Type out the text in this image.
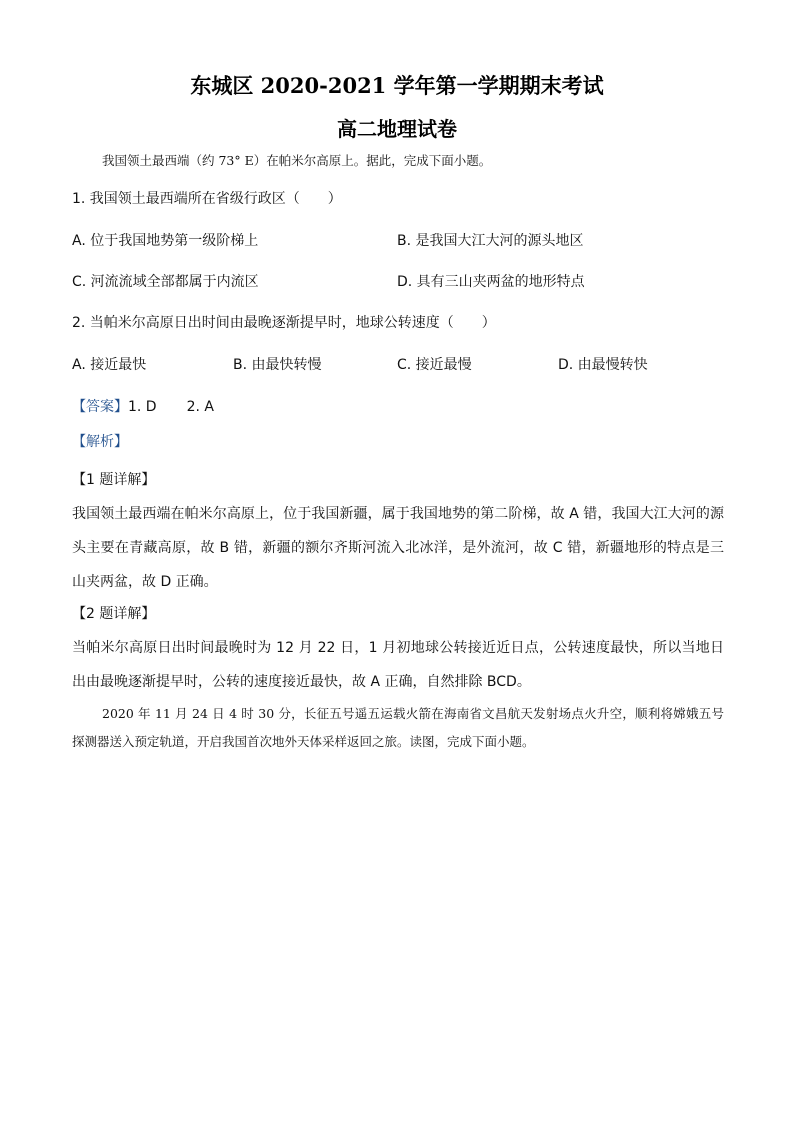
东城区 2020-2021 学年第一学期期末考试
高二地理试卷
我国领土最西端（约 73° E）在帕米尔高原上。据此，完成下面小题。
1. 我国领土最西端所在省级行政区（　　）
A. 位于我国地势第一级阶梯上	B. 是我国大江大河的源头地区
C. 河流流域全部都属于内流区	D. 具有三山夹两盆的地形特点
2. 当帕米尔高原日出时间由最晚逐渐提早时，地球公转速度（　　）
A. 接近最快	B. 由最快转慢	C. 接近最慢	D. 由最慢转快
【答案】1. D 2. A
【解析】
【1 题详解】
我国领土最西端在帕米尔高原上，位于我国新疆，属于我国地势的第二阶梯，故 A 错，我国大江大河的源头主要在青藏高原，故 B 错，新疆的额尔齐斯河流入北冰洋，是外流河，故 C 错，新疆地形的特点是三山夹两盆，故 D 正确。
【2 题详解】
当帕米尔高原日出时间最晚时为 12 月 22 日，1 月初地球公转接近近日点，公转速度最快，所以当地日出由最晚逐渐提早时，公转的速度接近最快，故 A 正确，自然排除 BCD。
2020 年 11 月 24 日 4 时 30 分，长征五号遥五运载火箭在海南省文昌航天发射场点火升空，顺利将嫦娥五号探测器送入预定轨道，开启我国首次地外天体采样返回之旅。读图，完成下面小题。
